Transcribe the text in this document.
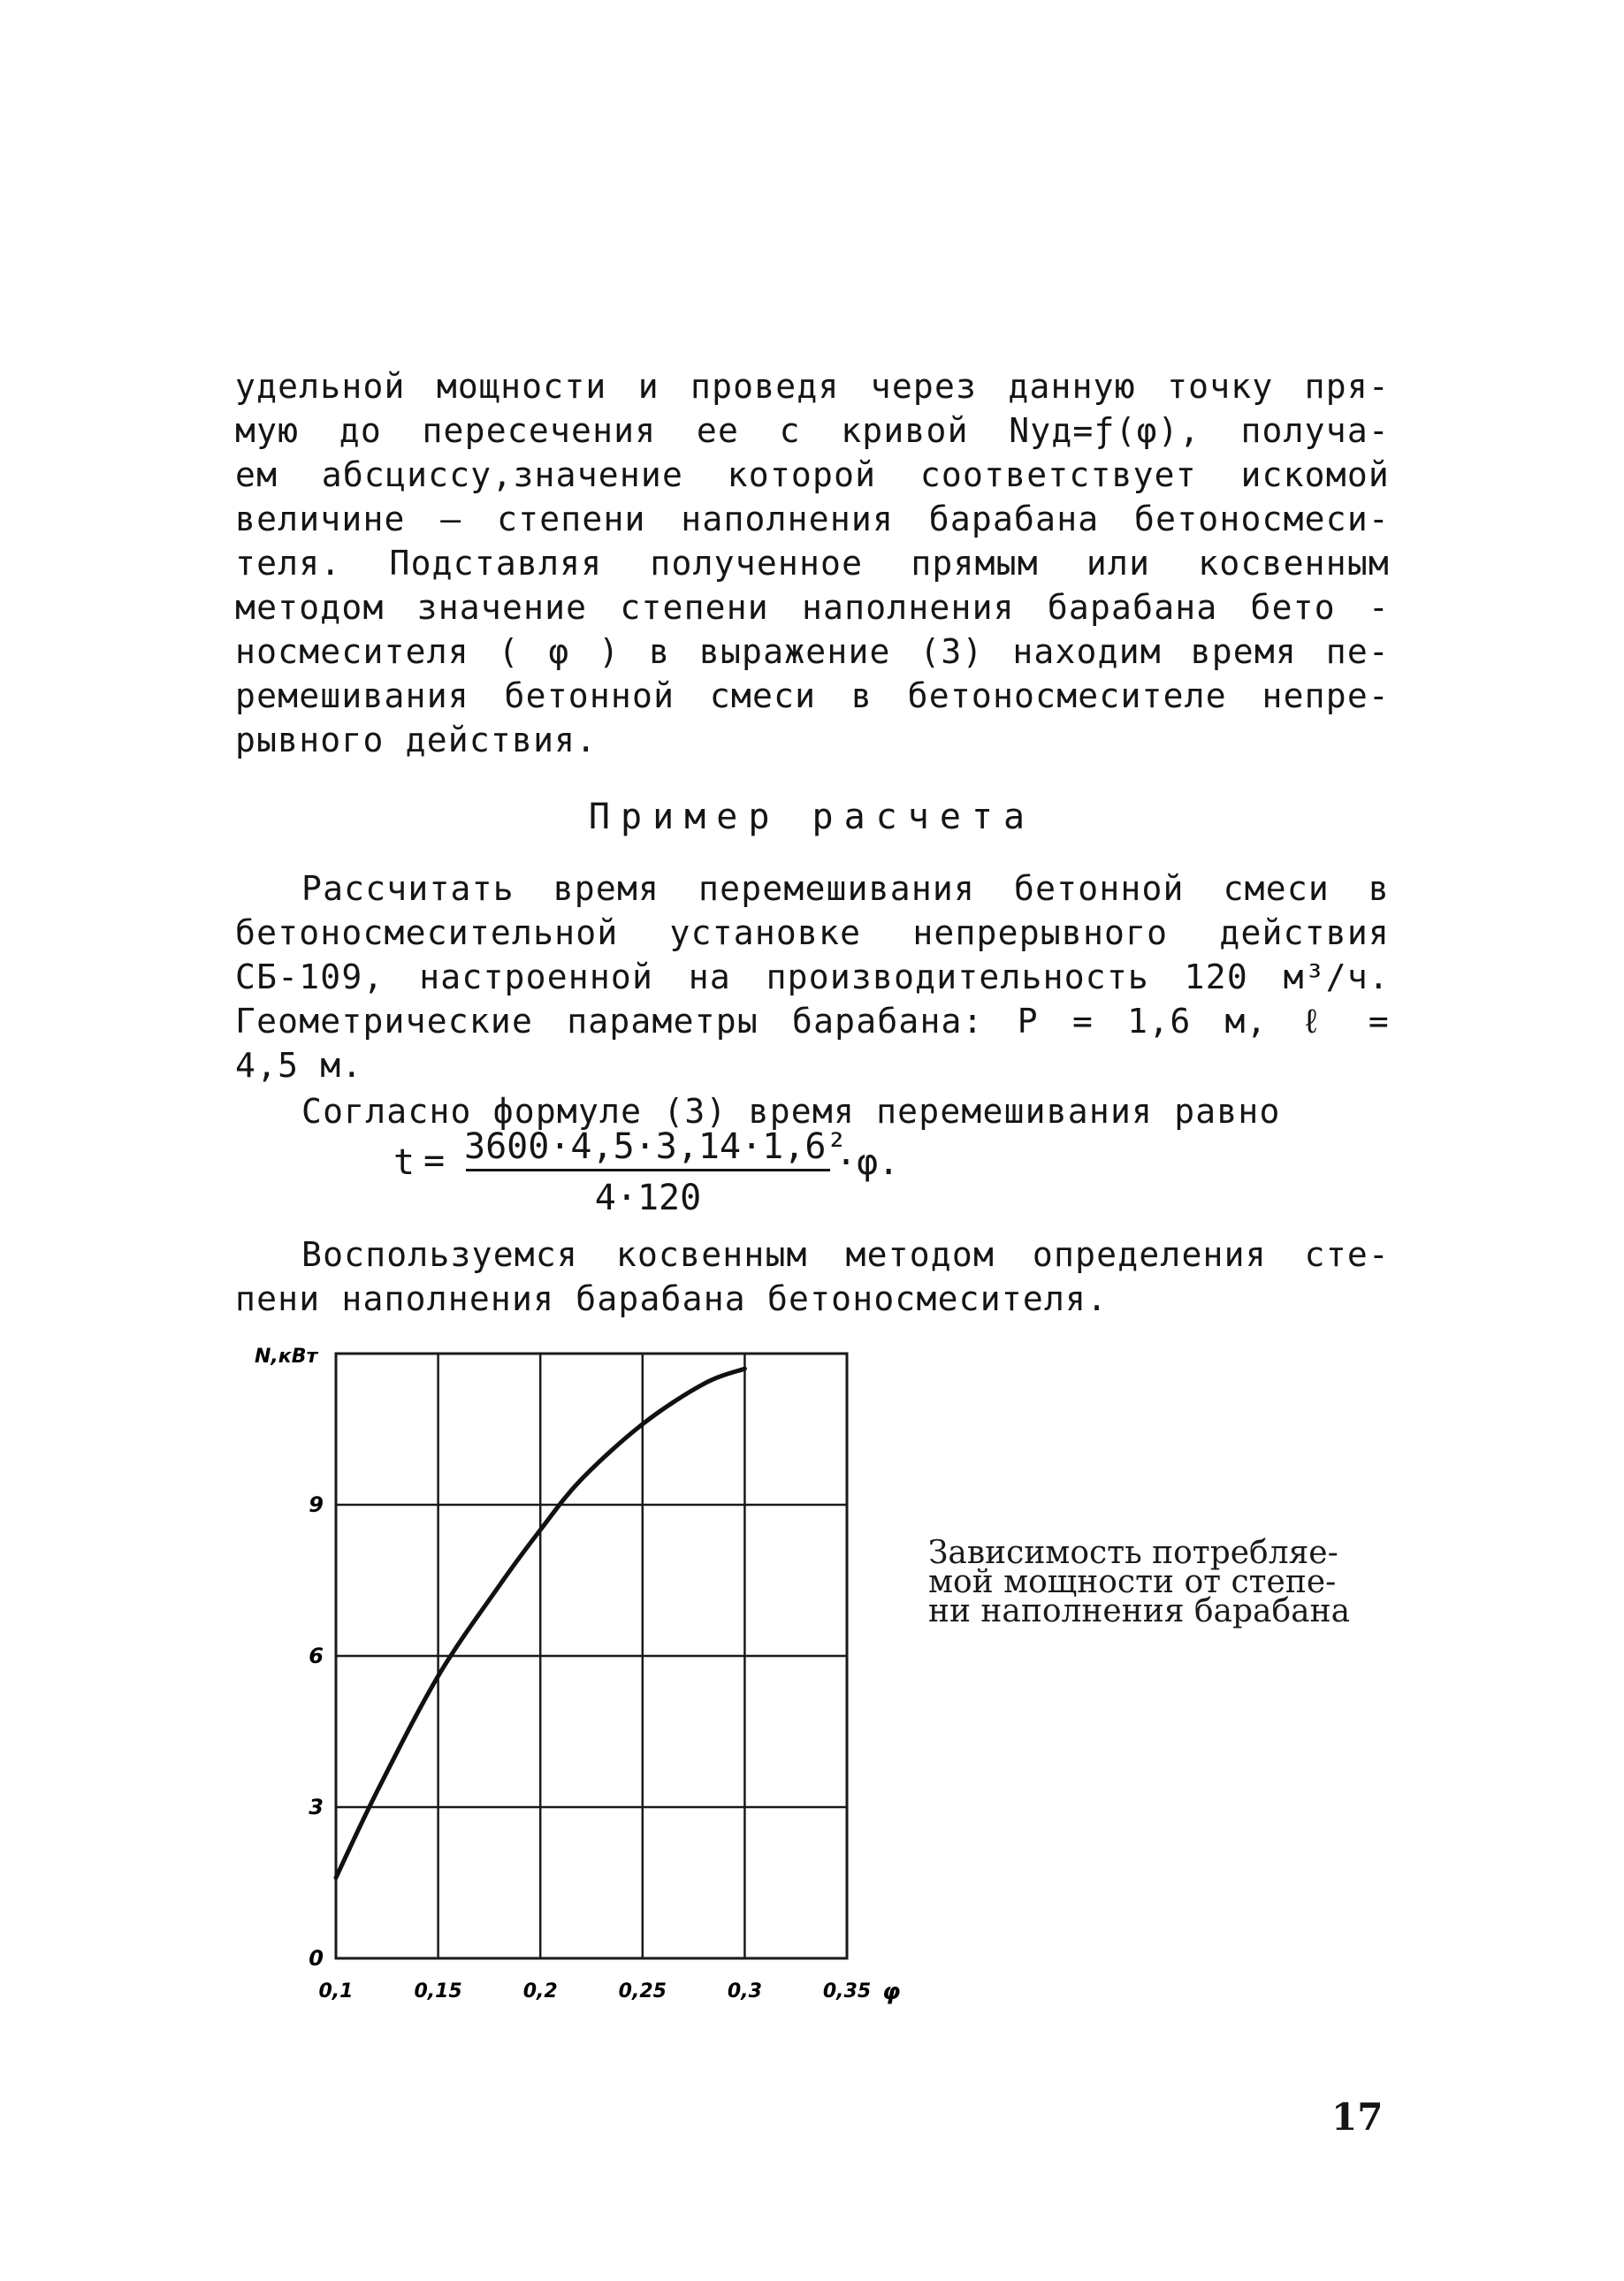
удельной мощности и проведя через данную точку пря-
мую до пересечения ее с кривой Nуд=ƒ(φ), получа-
ем абсциссу,значение которой соответствует искомой
величине – степени наполнения барабана бетоносмеси-
теля. Подставляя полученное прямым или косвенным
методом значение степени наполнения барабана бето -
носмесителя ( φ ) в выражение (3) находим время пе-
ремешивания бетонной смеси в бетоносмесителе непре-
рывного действия.
Пример расчета
Рассчитать время перемешивания бетонной смеси в
бетоносмесительной установке непрерывного действия
СБ-109, настроенной на производительность 120 м³/ч.
Геометрические параметры барабана: Р = 1,6 м, ℓ =
4,5 м.
Согласно формуле (3) время перемешивания равно
t = 3600·4,5·3,14·1,6²
4·120
·φ.
Воспользуемся косвенным методом определения сте-
пени наполнения барабана бетоносмесителя.
0,1	0,15	0,2	0,25	0,3	0,35
0
3
6
9
N,кВт
φ
Зависимость потребляе-
мой мощности от степе-
ни наполнения барабана
17
